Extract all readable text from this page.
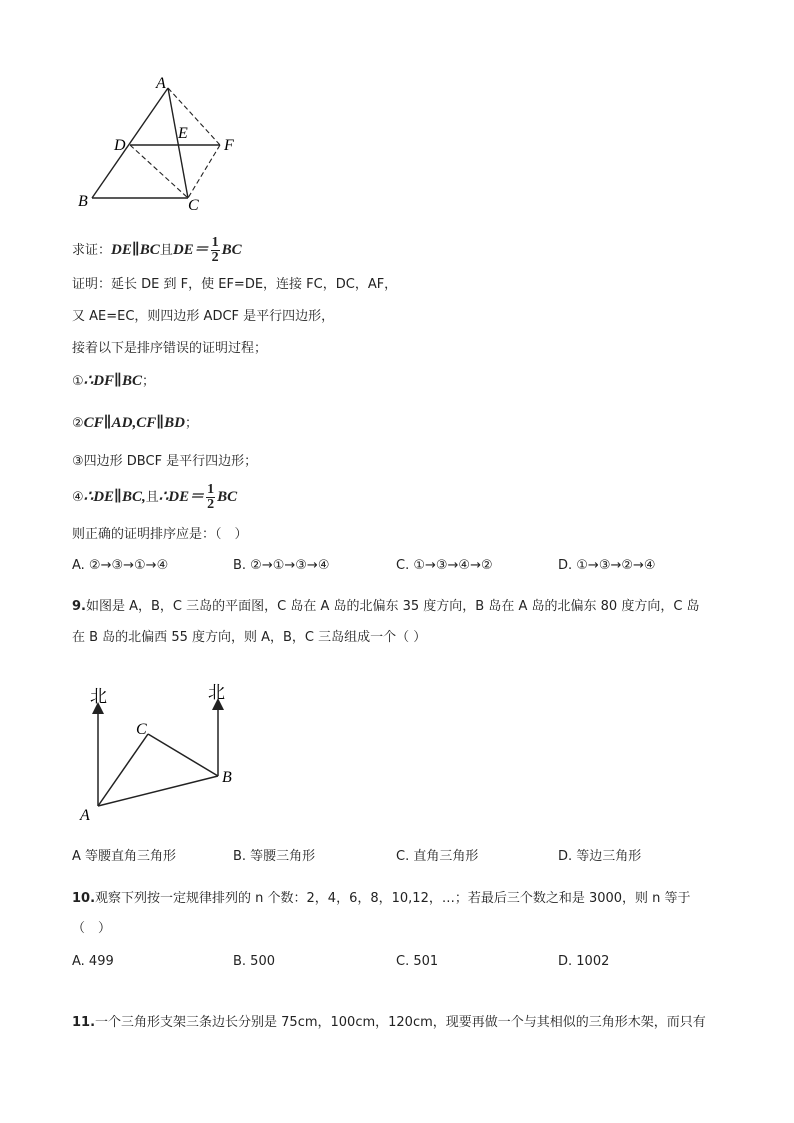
A
B	C
D
E
F
求证：DE∥BC且$DE= \frac{1}{2}$ BC
证明：延长 DE 到 F，使 EF=DE，连接 FC，DC，AF，
又 AE=EC，则四边形 ADCF 是平行四边形，
接着以下是排序错误的证明过程；
①∴DF∥BC；
②CF∥AD,CF∥BD；
③四边形 DBCF 是平行四边形；
④∴DE∥BC,且∴DE＝ $\frac{1}{2}$ BC
则正确的证明排序应是：（　）
A. ②→③→①→④	B. ②→①→③→④	C. ①→③→④→②	D. ①→③→②→④
9.如图是 A，B，C 三岛的平面图，C 岛在 A 岛的北偏东 35 度方向，B 岛在 A 岛的北偏东 80 度方向，C 岛
在 B 岛的北偏西 55 度方向，则 A，B，C 三岛组成一个（ ）
北	北
A
B
C
A 等腰直角三角形	B. 等腰三角形	C. 直角三角形	D. 等边三角形
10.观察下列按一定规律排列的 n 个数：2，4，6，8，10,12，…；若最后三个数之和是 3000，则 n 等于
（　）
A. 499	B. 500	C. 501	D. 1002
11.一个三角形支架三条边长分别是 75cm，100cm，120cm，现要再做一个与其相似的三角形木架，而只有
